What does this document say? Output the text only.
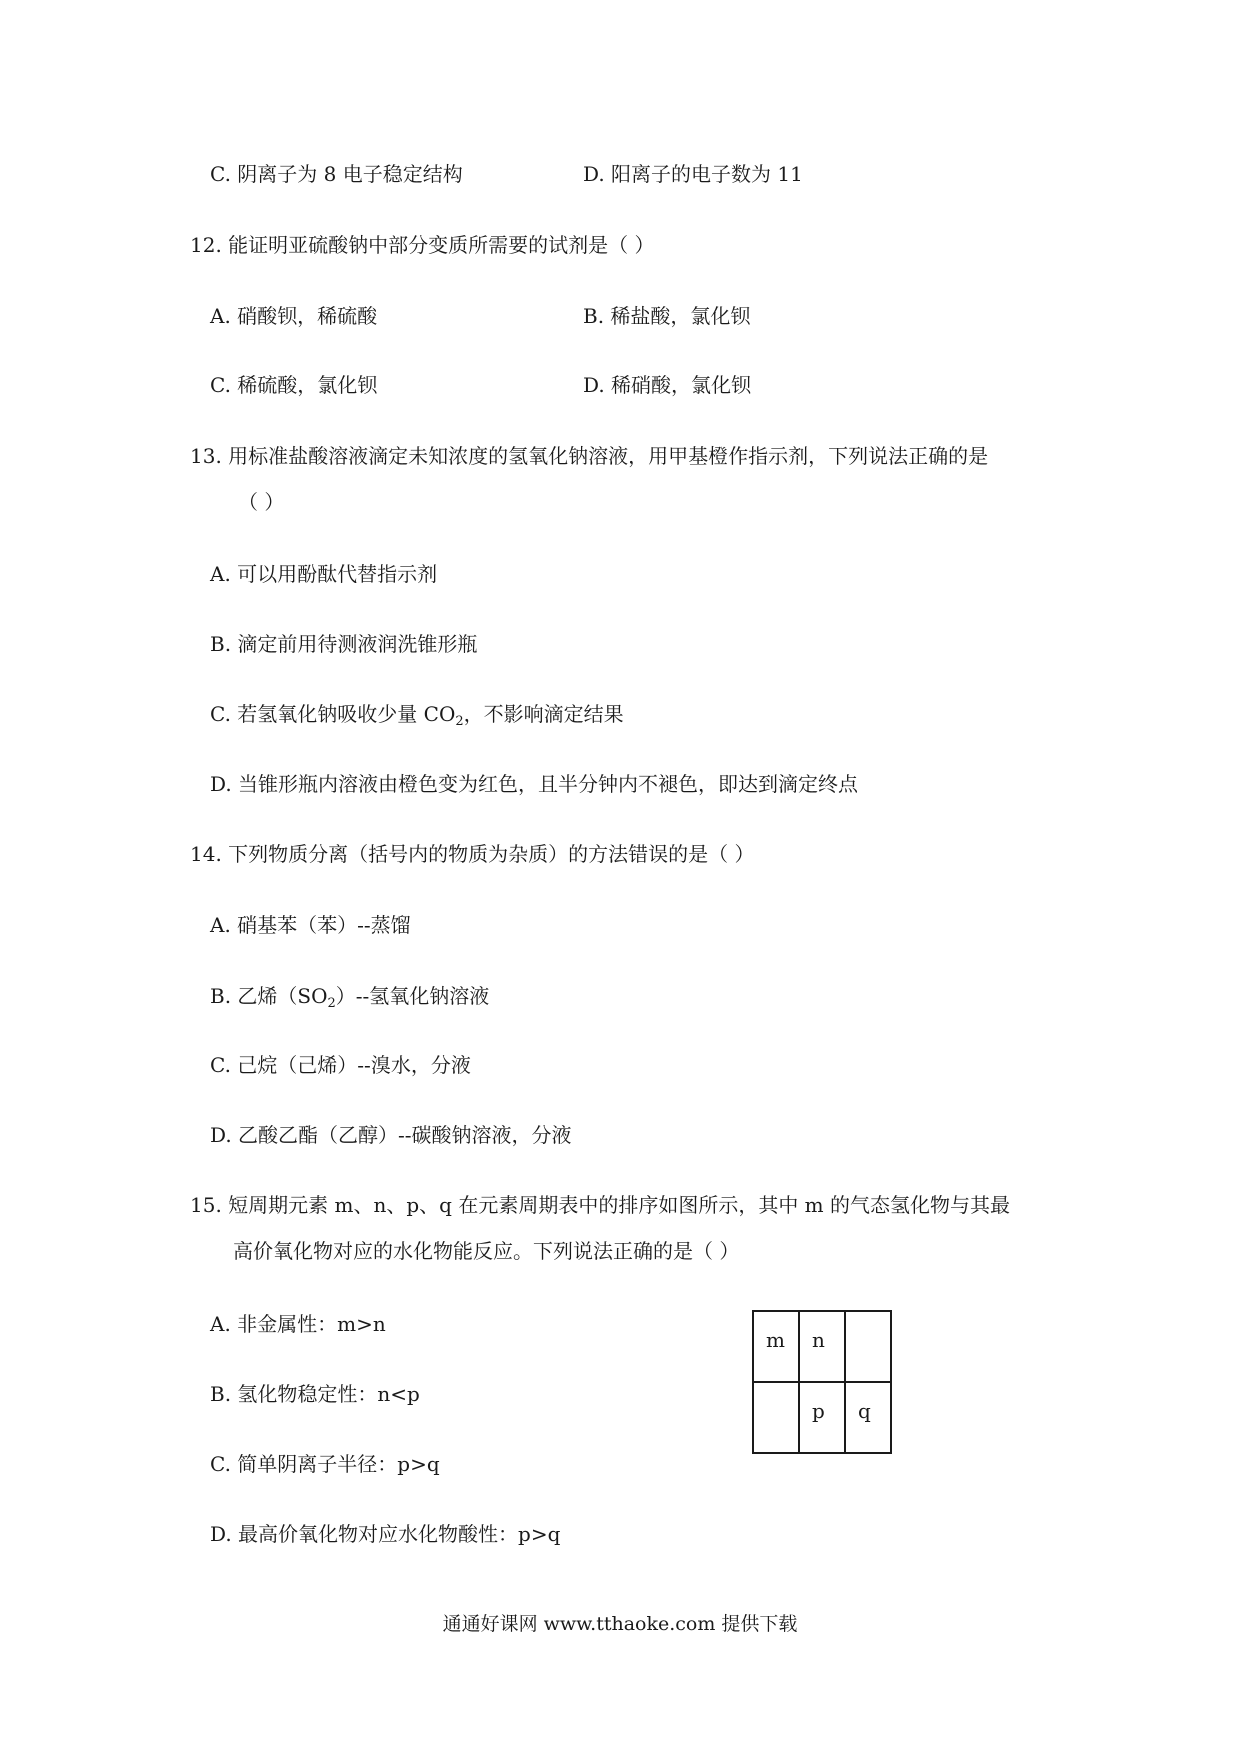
C. 阴离子为 8 电子稳定结构	D. 阳离子的电子数为 11
12. 能证明亚硫酸钠中部分变质所需要的试剂是（ ）
A. 硝酸钡，稀硫酸	B. 稀盐酸，氯化钡
C. 稀硫酸，氯化钡	D. 稀硝酸，氯化钡
13. 用标准盐酸溶液滴定未知浓度的氢氧化钠溶液，用甲基橙作指示剂，下列说法正确的是
（ ）
A. 可以用酚酞代替指示剂
B. 滴定前用待测液润洗锥形瓶
C. 若氢氧化钠吸收少量 $CO_2$，不影响滴定结果
D. 当锥形瓶内溶液由橙色变为红色，且半分钟内不褪色，即达到滴定终点
14. 下列物质分离（括号内的物质为杂质）的方法错误的是（ ）
A. 硝基苯（苯）--蒸馏
B. 乙烯$(SO_2)--$氢氧化钠溶液
C. 己烷（己烯）--溴水，分液
D. 乙酸乙酯（乙醇）--碳酸钠溶液，分液
15. 短周期元素 m、n、p、q 在元素周期表中的排序如图所示，其中 m 的气态氢化物与其最
高价氧化物对应的水化物能反应。下列说法正确的是（ ）
A. 非金属性：m>n
B. 氢化物稳定性：n<p
C. 简单阴离子半径：p>q
D. 最高价氧化物对应水化物酸性：p>q
m	n	

	p	q
通通好课网 www.tthaoke.com 提供下载
